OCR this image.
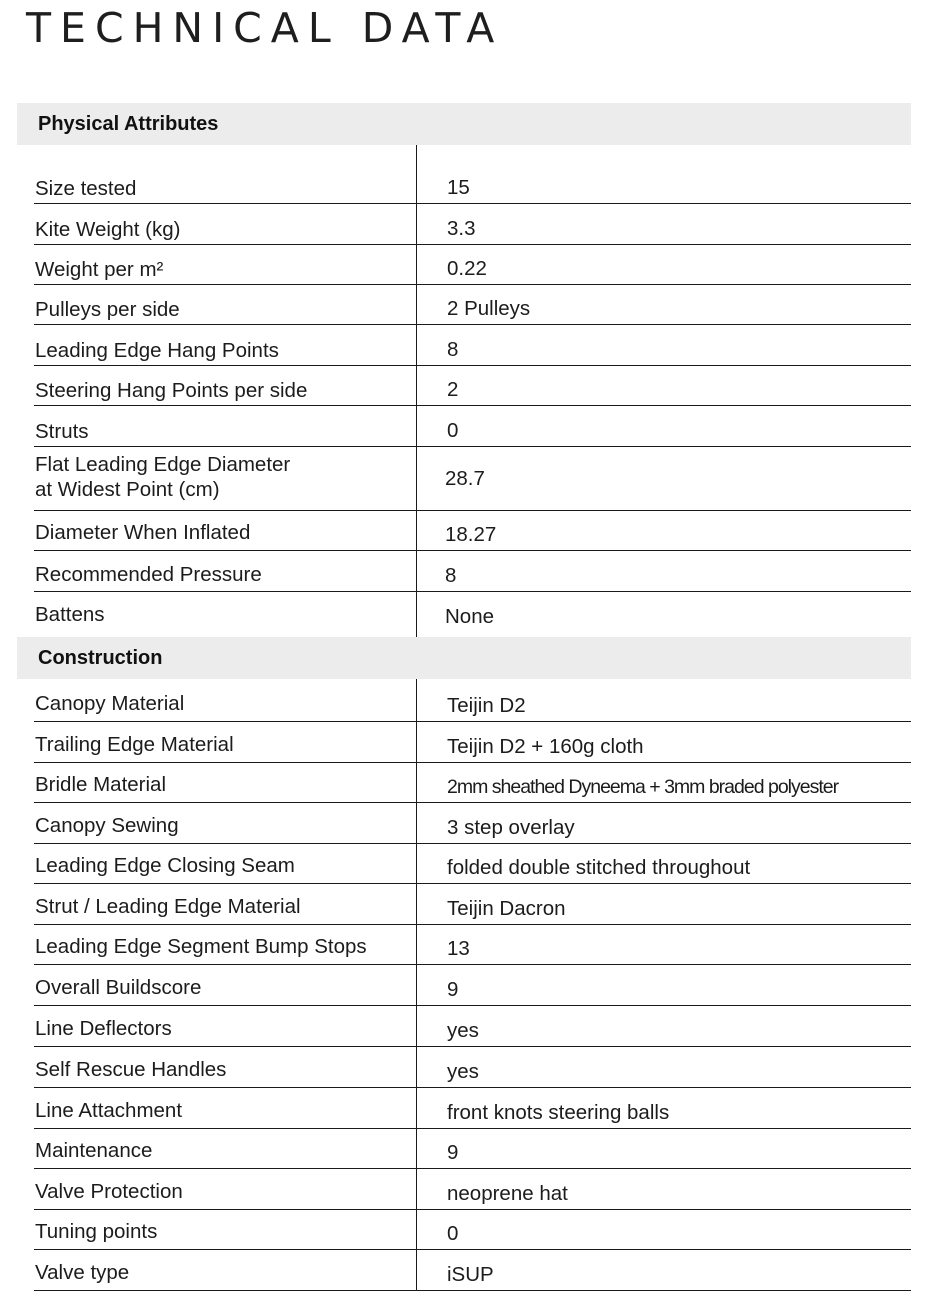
TECHNICAL DATA
Physical Attributes
Size tested	15
Kite Weight (kg)	3.3
Weight per m²	0.22
Pulleys per side	2 Pulleys
Leading Edge Hang Points	8
Steering Hang Points per side	2
Struts	0
Flat Leading Edge Diameter
at Widest Point (cm)	28.7
Diameter When Inflated	18.27
Recommended Pressure	8
Battens	None
Construction
Canopy Material	Teijin D2
Trailing Edge Material	Teijin D2 + 160g cloth
Bridle Material	2mm sheathed Dyneema + 3mm braded polyester
Canopy Sewing	3 step overlay
Leading Edge Closing Seam	folded double stitched throughout
Strut / Leading Edge Material	Teijin Dacron
Leading Edge Segment Bump Stops	13
Overall Buildscore	9
Line Deflectors	yes
Self Rescue Handles	yes
Line Attachment	front knots steering balls
Maintenance	9
Valve Protection	neoprene hat
Tuning points	0
Valve type	iSUP
